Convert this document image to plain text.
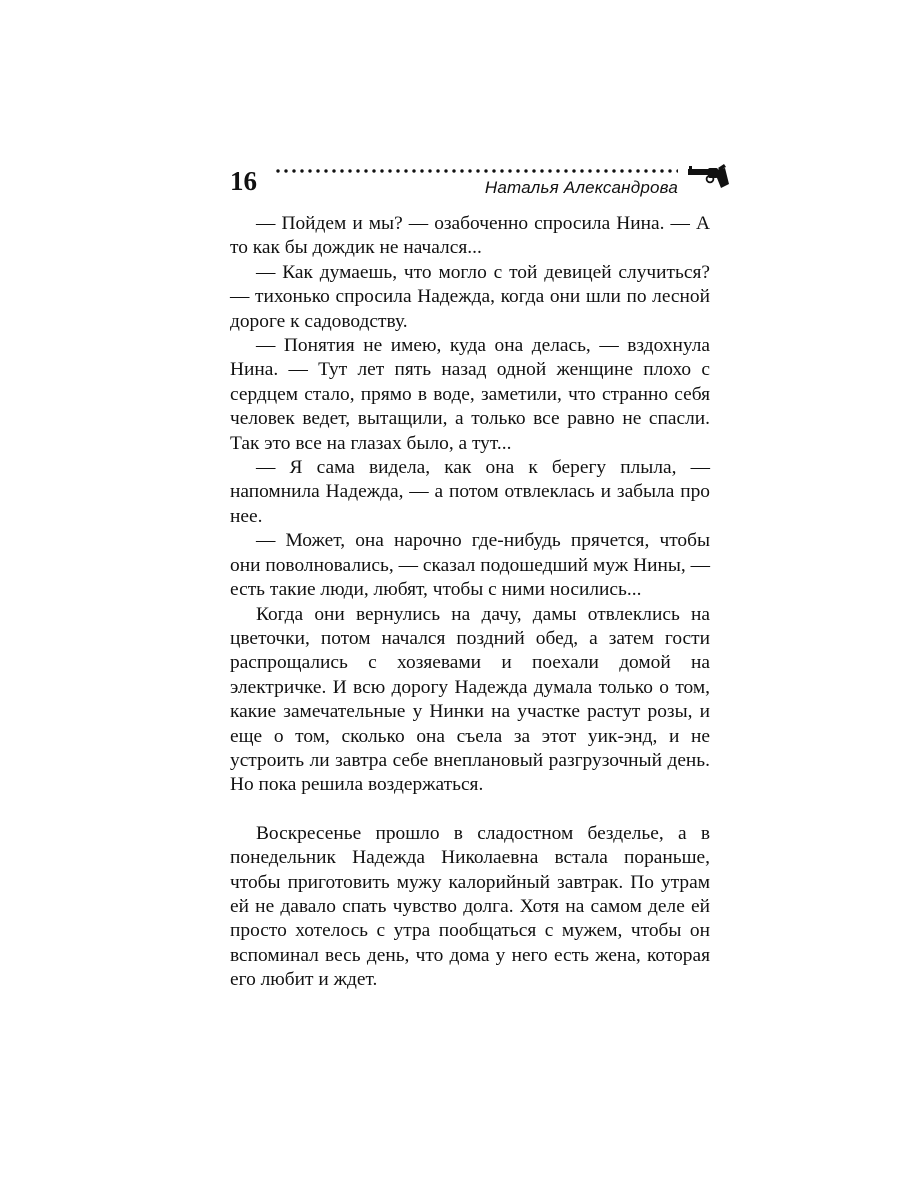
16	Наталья Александрова

— Пойдем и мы? — озабоченно спросила Нина. — А то как бы дождик не начался...

— Как думаешь, что могло с той девицей случиться? — тихонько спросила Надежда, когда они шли по лесной дороге к садоводству.

— Понятия не имею, куда она делась, — вздохнула Нина. — Тут лет пять назад одной женщине плохо с сердцем стало, прямо в воде, заметили, что странно себя человек ведет, вытащили, а только все равно не спасли. Так это все на глазах было, а тут...

— Я сама видела, как она к берегу плыла, — напомнила Надежда, — а потом отвлеклась и забыла про нее.

— Может, она нарочно где-нибудь прячется, чтобы они поволновались, — сказал подошедший муж Нины, — есть такие люди, любят, чтобы с ними носились...

Когда они вернулись на дачу, дамы отвлеклись на цветочки, потом начался поздний обед, а затем гости распрощались с хозяевами и поехали домой на электричке. И всю дорогу Надежда думала только о том, какие замечательные у Нинки на участке растут розы, и еще о том, сколько она съела за этот уик-энд, и не устроить ли завтра себе внеплановый разгрузочный день. Но пока решила воздержаться.

Воскресенье прошло в сладостном безделье, а в понедельник Надежда Николаевна встала пораньше, чтобы приготовить мужу калорийный завтрак. По утрам ей не давало спать чувство долга. Хотя на самом деле ей просто хотелось с утра пообщаться с мужем, чтобы он вспоминал весь день, что дома у него есть жена, которая его любит и ждет.
